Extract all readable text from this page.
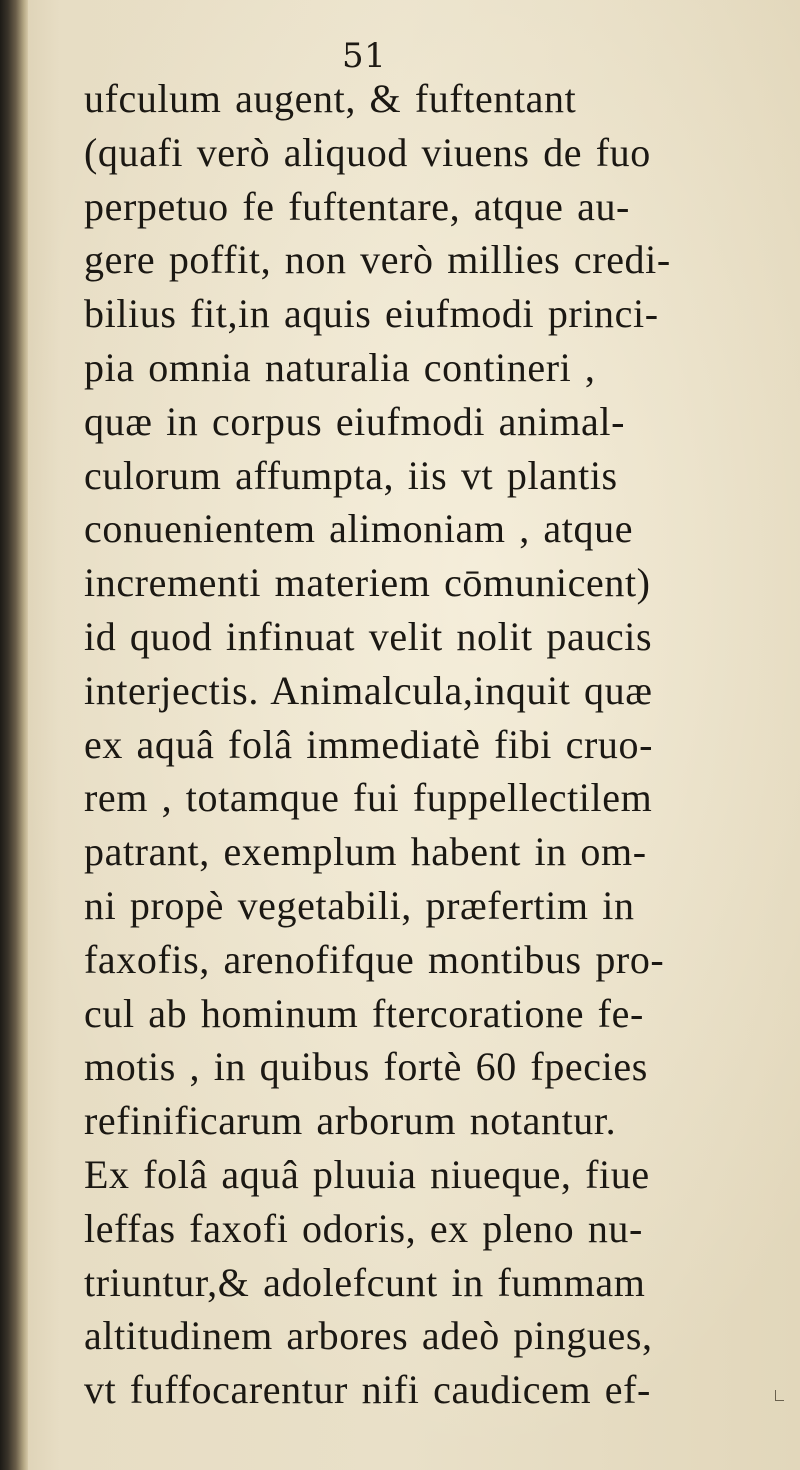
51
ufculum augent, & fuftentant
(quafi verò aliquod viuens de fuo
perpetuo fe fuftentare, atque au-
gere poffit, non verò millies credi-
bilius fit,in aquis eiufmodi princi-
pia omnia naturalia contineri ,
quæ in corpus eiufmodi animal-
culorum affumpta, iis vt plantis
conuenientem alimoniam , atque
incrementi materiem cōmunicent)
id quod infinuat velit nolit paucis
interjectis. Animalcula,inquit quæ
ex aquâ folâ immediatè fibi cruo-
rem , totamque fui fuppellectilem
patrant, exemplum habent in om-
ni propè vegetabili, præfertim in
faxofis, arenofifque montibus pro-
cul ab hominum ftercoratione fe-
motis , in quibus fortè 60 fpecies
refinificarum arborum notantur.
Ex folâ aquâ pluuia niueque, fiue
leffas faxofi odoris, ex pleno nu-
triuntur,& adolefcunt in fummam
altitudinem arbores adeò pingues,
vt fuffocarentur nifi caudicem ef-
